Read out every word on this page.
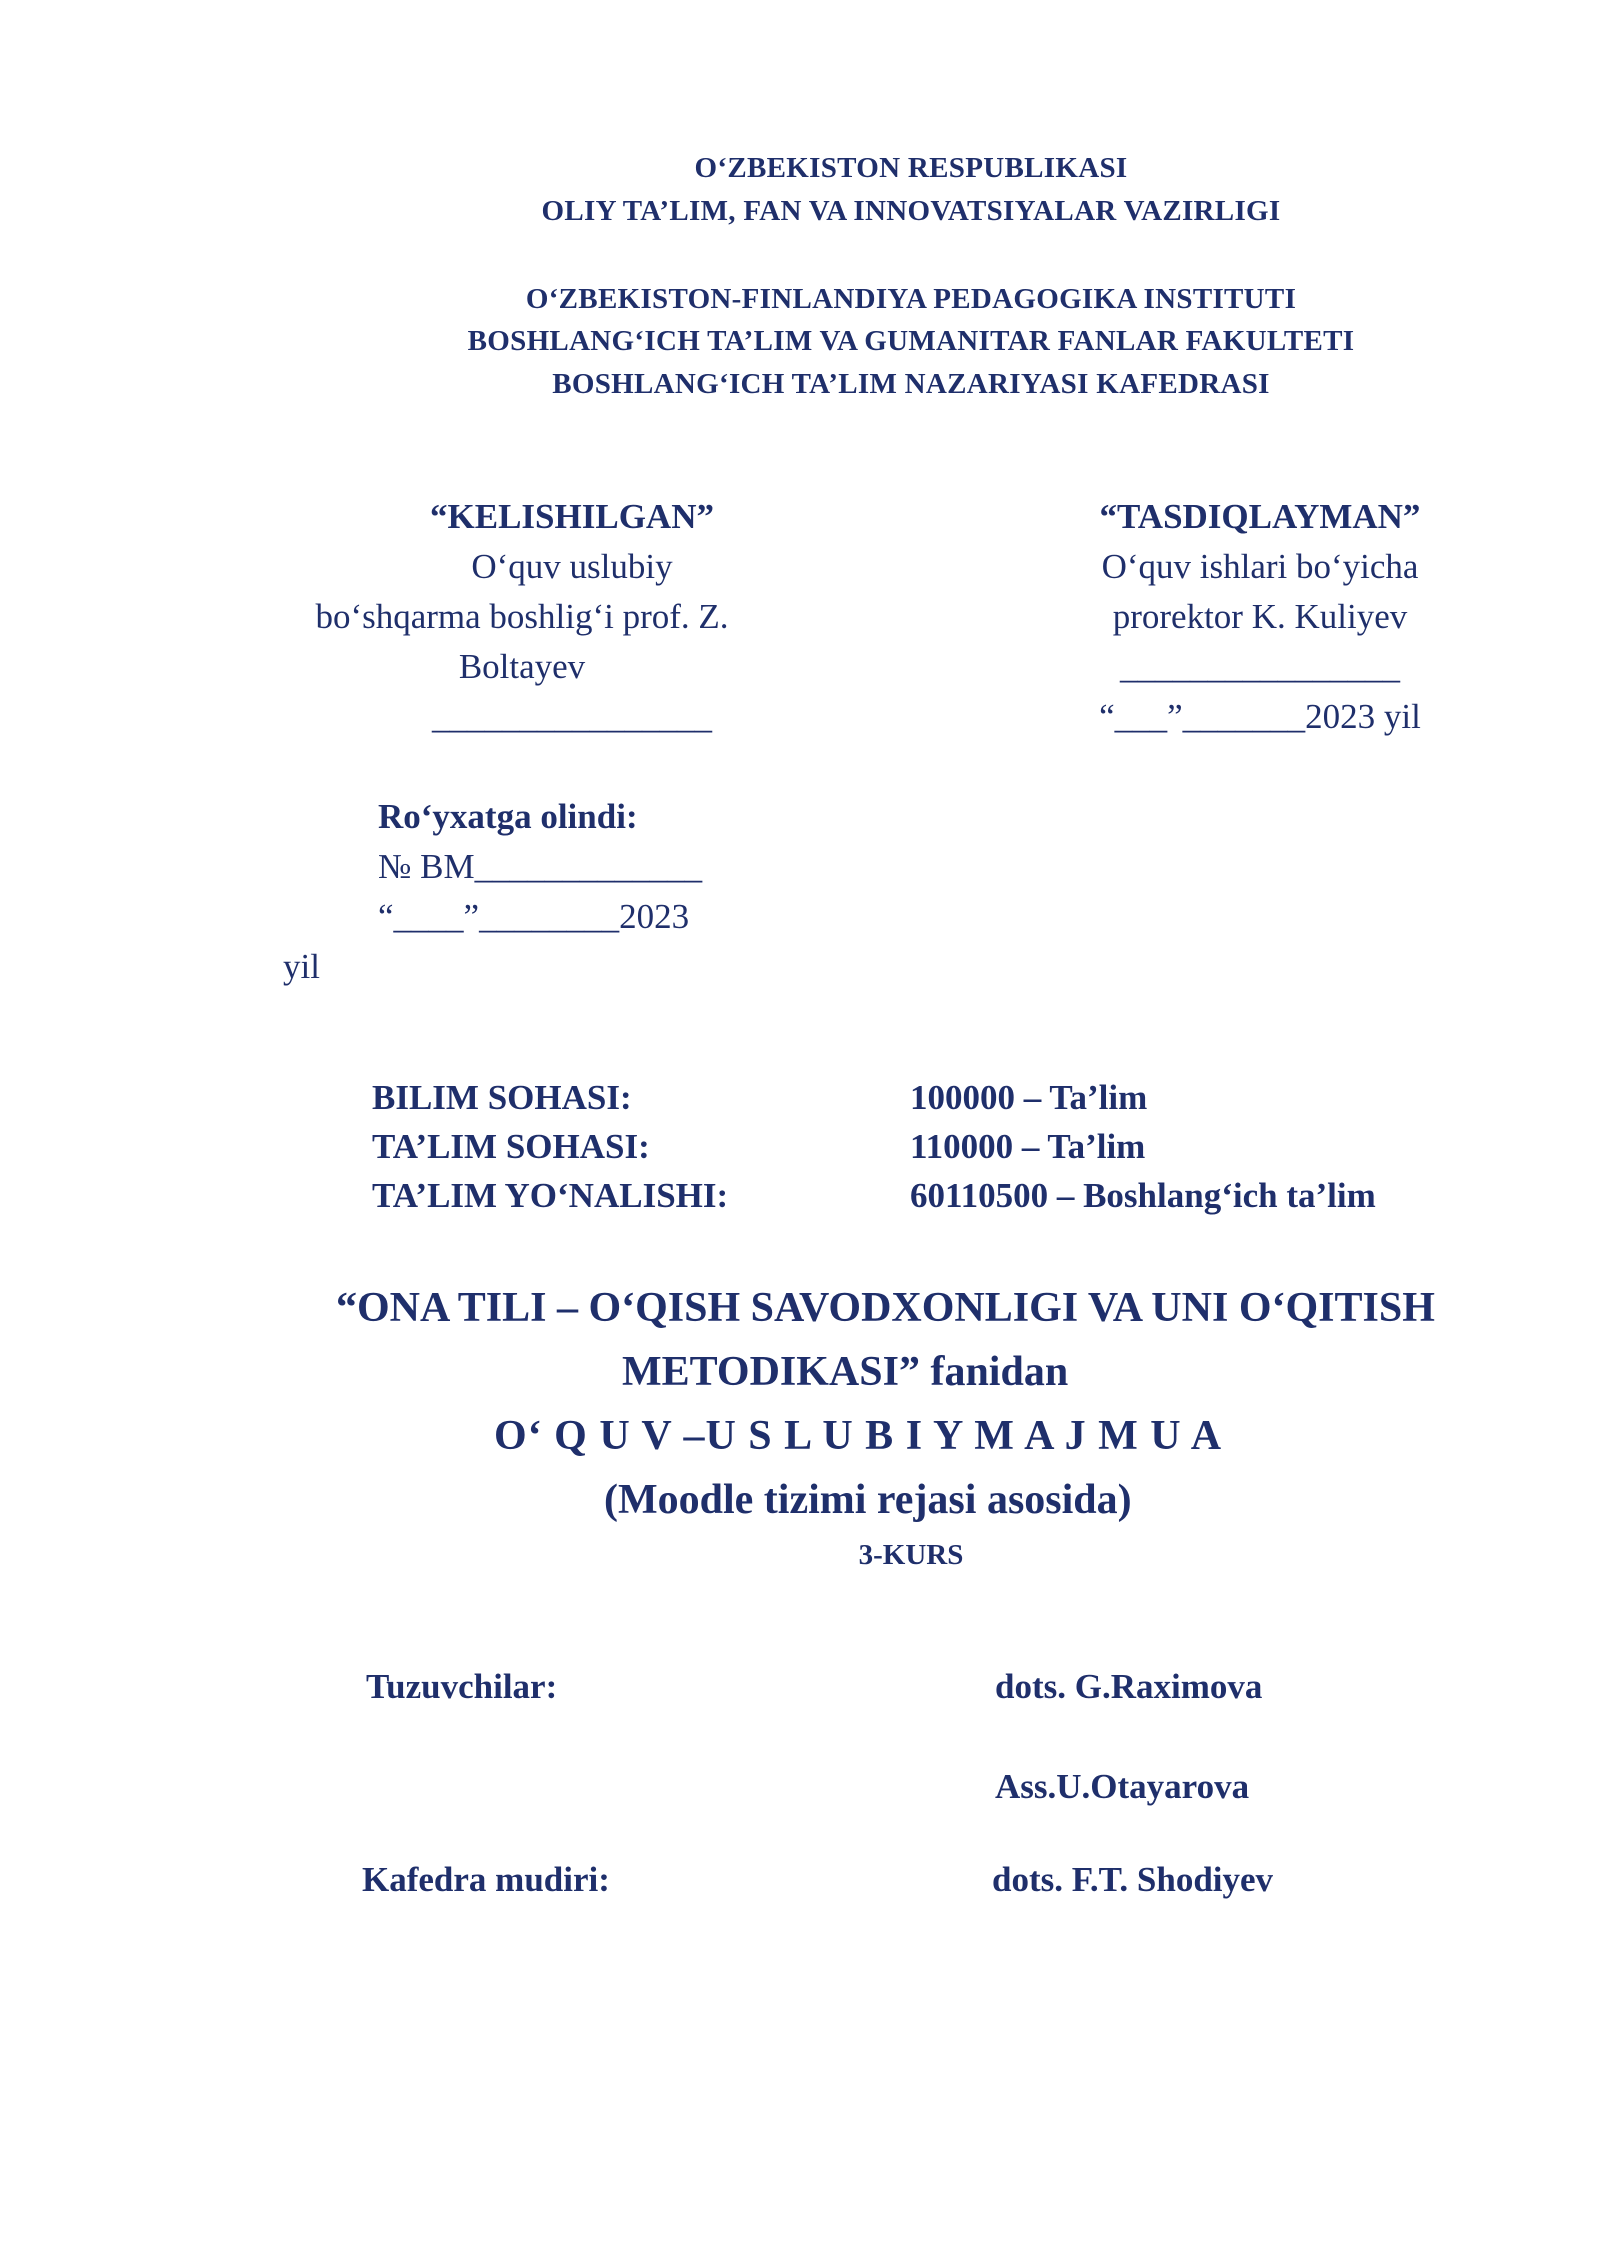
O‘ZBEKISTON RESPUBLIKASI
OLIY TA’LIM, FAN VA INNOVATSIYALAR VAZIRLIGI
O‘ZBEKISTON-FINLANDIYA PEDAGOGIKA INSTITUTI
BOSHLANG‘ICH TA’LIM VA GUMANITAR FANLAR FAKULTETI
BOSHLANG‘ICH TA’LIM NAZARIYASI KAFEDRASI
“KELISHILGAN”
O‘quv uslubiy
bo‘shqarma boshlig‘i prof. Z.
Boltayev
________________
“TASDIQLAYMAN”
O‘quv ishlari bo‘yicha
prorektor K. Kuliyev
________________
“___”_______2023 yil
Ro‘yxatga olindi:
№ BM_____________
“____”________2023
yil
BILIM SOHASI:	100000 – Ta’lim
TA’LIM SOHASI:	110000 – Ta’lim
TA’LIM YO‘NALISHI:	60110500 – Boshlang‘ich ta’lim
“ONA TILI – O‘QISH SAVODXONLIGI VA UNI O‘QITISH
METODIKASI” fanidan
O‘ Q U V –U S L U B I Y M A J M U A
(Moodle tizimi rejasi asosida)
3-KURS
Tuzuvchilar:	dots. G.Raximova
Ass.U.Otayarova
Kafedra mudiri:	dots. F.T. Shodiyev
